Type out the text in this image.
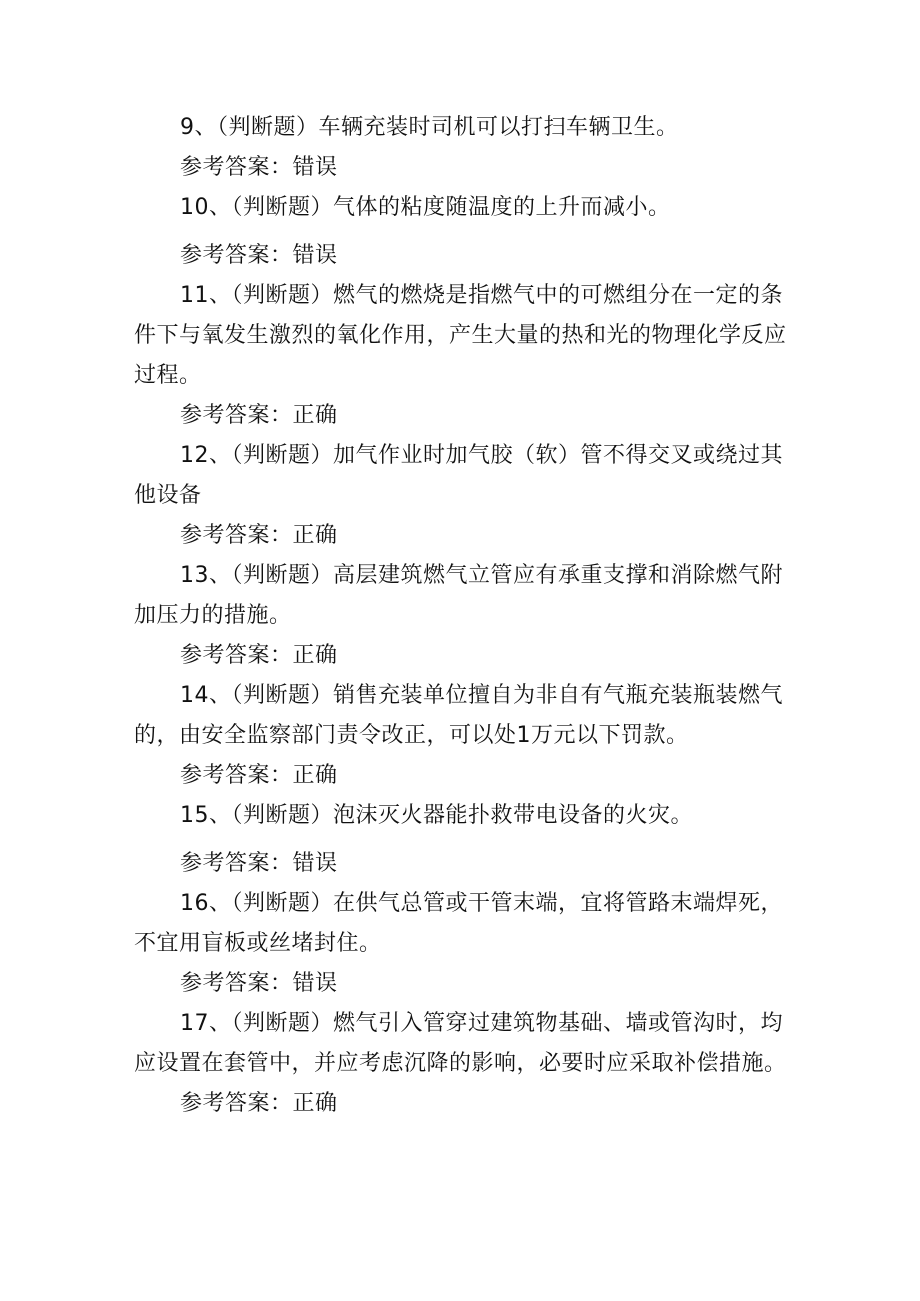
9、（判断题）车辆充装时司机可以打扫车辆卫生。

参考答案：错误

10、（判断题）气体的粘度随温度的上升而减小。

参考答案：错误

11、（判断题）燃气的燃烧是指燃气中的可燃组分在一定的条件下与氧发生激烈的氧化作用，产生大量的热和光的物理化学反应过程。

参考答案：正确

12、（判断题）加气作业时加气胶（软）管不得交叉或绕过其他设备

参考答案：正确

13、（判断题）高层建筑燃气立管应有承重支撑和消除燃气附加压力的措施。

参考答案：正确

14、（判断题）销售充装单位擅自为非自有气瓶充装瓶装燃气的，由安全监察部门责令改正，可以处1万元以下罚款。

参考答案：正确

15、（判断题）泡沫灭火器能扑救带电设备的火灾。

参考答案：错误

16、（判断题）在供气总管或干管末端，宜将管路末端焊死，不宜用盲板或丝堵封住。

参考答案：错误

17、（判断题）燃气引入管穿过建筑物基础、墙或管沟时，均应设置在套管中，并应考虑沉降的影响，必要时应采取补偿措施。

参考答案：正确
